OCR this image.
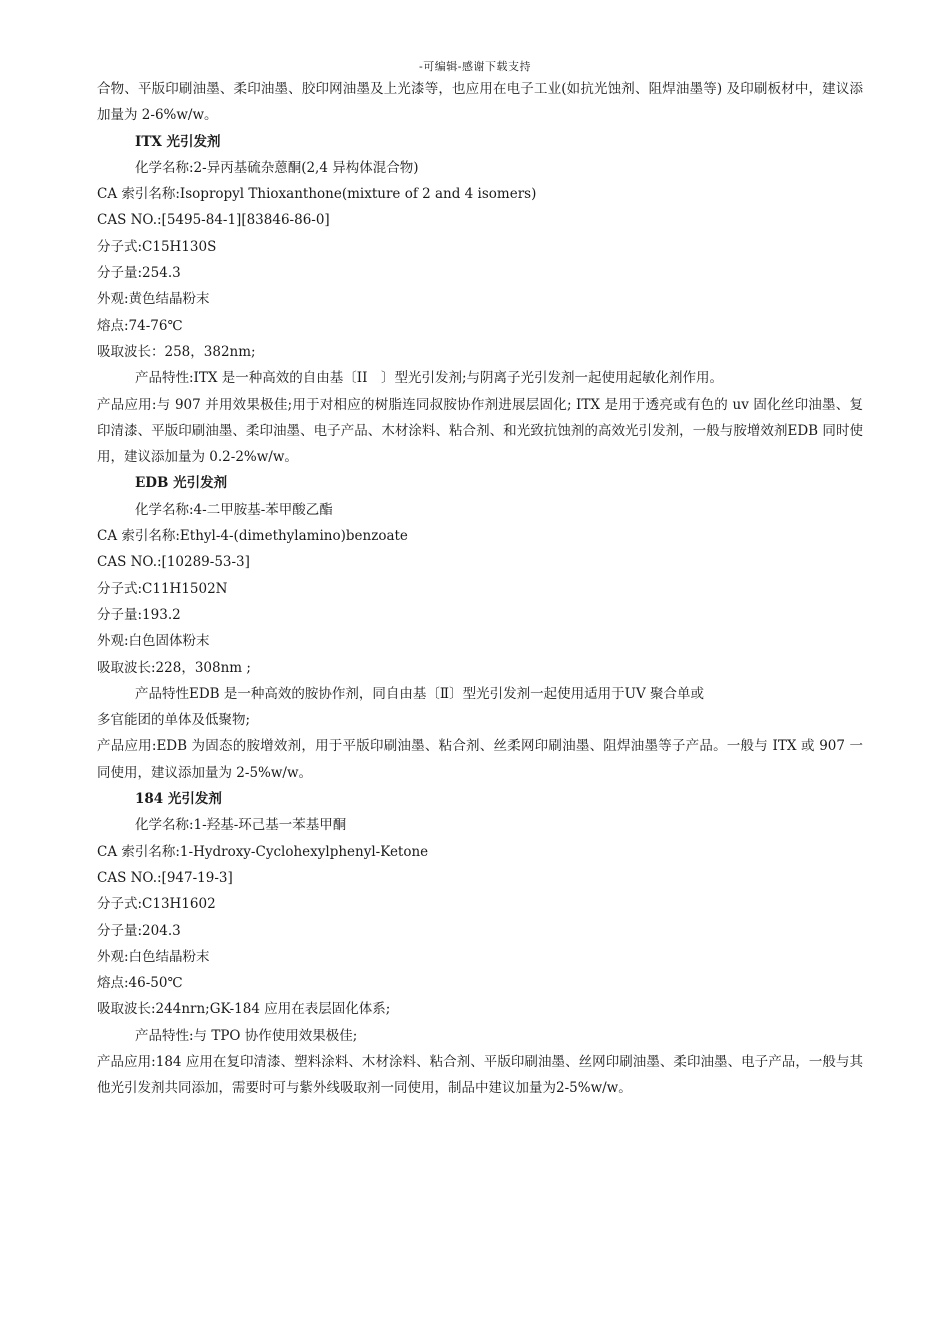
-可编辑-感谢下载支持
合物、平版印刷油墨、柔印油墨、胶印网油墨及上光漆等，也应用在电子工业(如抗光蚀剂、阻焊油墨等) 及印刷板材中，建议添加量为 2-6%w/w。
ITX 光引发剂
化学名称:2-异丙基硫杂蒽酮(2,4 异构体混合物)
CA 索引名称:Isopropyl Thioxanthone(mixture of 2 and 4 isomers)
CAS NO.:[5495-84-1][83846-86-0]
分子式:C15H130S
分子量:254.3
外观:黄色结晶粉末
熔点:74-76℃
吸取波长：258，382nm;
产品特性:ITX 是一种高效的自由基〔II　〕型光引发剂;与阴离子光引发剂一起使用起敏化剂作用。
产品应用:与 907 并用效果极佳;用于对相应的树脂连同叔胺协作剂进展层固化; ITX 是用于透亮或有色的 uv 固化丝印油墨、复印清漆、平版印刷油墨、柔印油墨、电子产品、木材涂料、粘合剂、和光致抗蚀剂的高效光引发剂，一般与胺增效剂EDB 同时使用，建议添加量为 0.2-2%w/w。
EDB 光引发剂
化学名称:4-二甲胺基-苯甲酸乙酯
CA 索引名称:Ethyl-4-(dimethylamino)benzoate
CAS NO.:[10289-53-3]
分子式:C11H1502N
分子量:193.2
外观:白色固体粉末
吸取波长:228，308nm ;
产品特性EDB 是一种高效的胺协作剂，同自由基〔Ⅱ〕型光引发剂一起使用适用于UV 聚合单或
多官能团的单体及低聚物;
产品应用:EDB 为固态的胺增效剂，用于平版印刷油墨、粘合剂、丝柔网印刷油墨、阻焊油墨等子产品。一般与 ITX 或 907 一同使用，建议添加量为 2-5%w/w。
184 光引发剂
化学名称:1-羟基-环己基一苯基甲酮
CA 索引名称:1-Hydroxy-Cyclohexylphenyl-Ketone
CAS NO.:[947-19-3]
分子式:C13H1602
分子量:204.3
外观:白色结晶粉末
熔点:46-50℃
吸取波长:244nrn;GK-184 应用在表层固化体系;
产品特性:与 TPO 协作使用效果极佳;
产品应用:184 应用在复印清漆、塑料涂料、木材涂料、粘合剂、平版印刷油墨、丝网印刷油墨、柔印油墨、电子产品，一般与其他光引发剂共同添加，需要时可与紫外线吸取剂一同使用，制品中建议加量为2-5%w/w。
